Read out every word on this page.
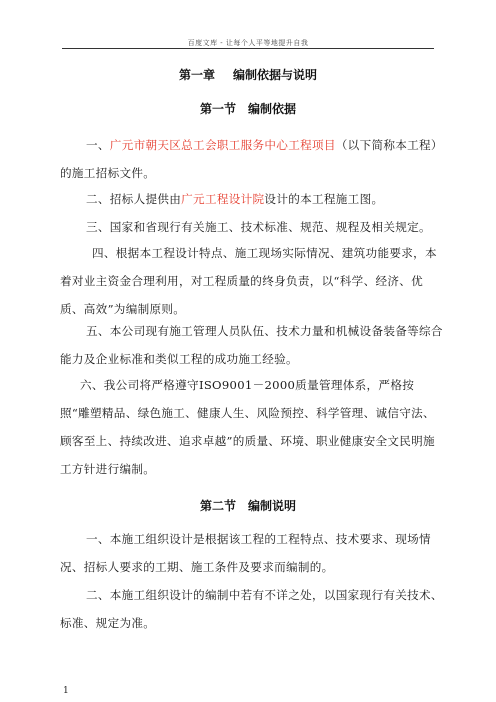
百度文库 - 让每个人平等地提升自我
第一章 编制依据与说明
第一节 编制依据
一、广元市朝天区总工会职工服务中心工程项目（以下简称本工程）的施工招标文件。
二、招标人提供由广元工程设计院设计的本工程施工图。
三、国家和省现行有关施工、技术标准、规范、规程及相关规定。
四、根据本工程设计特点、施工现场实际情况、建筑功能要求，本着对业主资金合理利用，对工程质量的终身负责，以“科学、经济、优质、高效”为编制原则。
五、本公司现有施工管理人员队伍、技术力量和机械设备装备等综合能力及企业标准和类似工程的成功施工经验。
六、我公司将严格遵守ISO9001－2000质量管理体系，严格按照“雕塑精品、绿色施工、健康人生、风险预控、科学管理、诚信守法、顾客至上、持续改进、追求卓越”的质量、环境、职业健康安全文民明施工方针进行编制。
第二节 编制说明
一、本施工组织设计是根据该工程的工程特点、技术要求、现场情况、招标人要求的工期、施工条件及要求而编制的。
二、本施工组织设计的编制中若有不详之处，以国家现行有关技术、标准、规定为准。
1
